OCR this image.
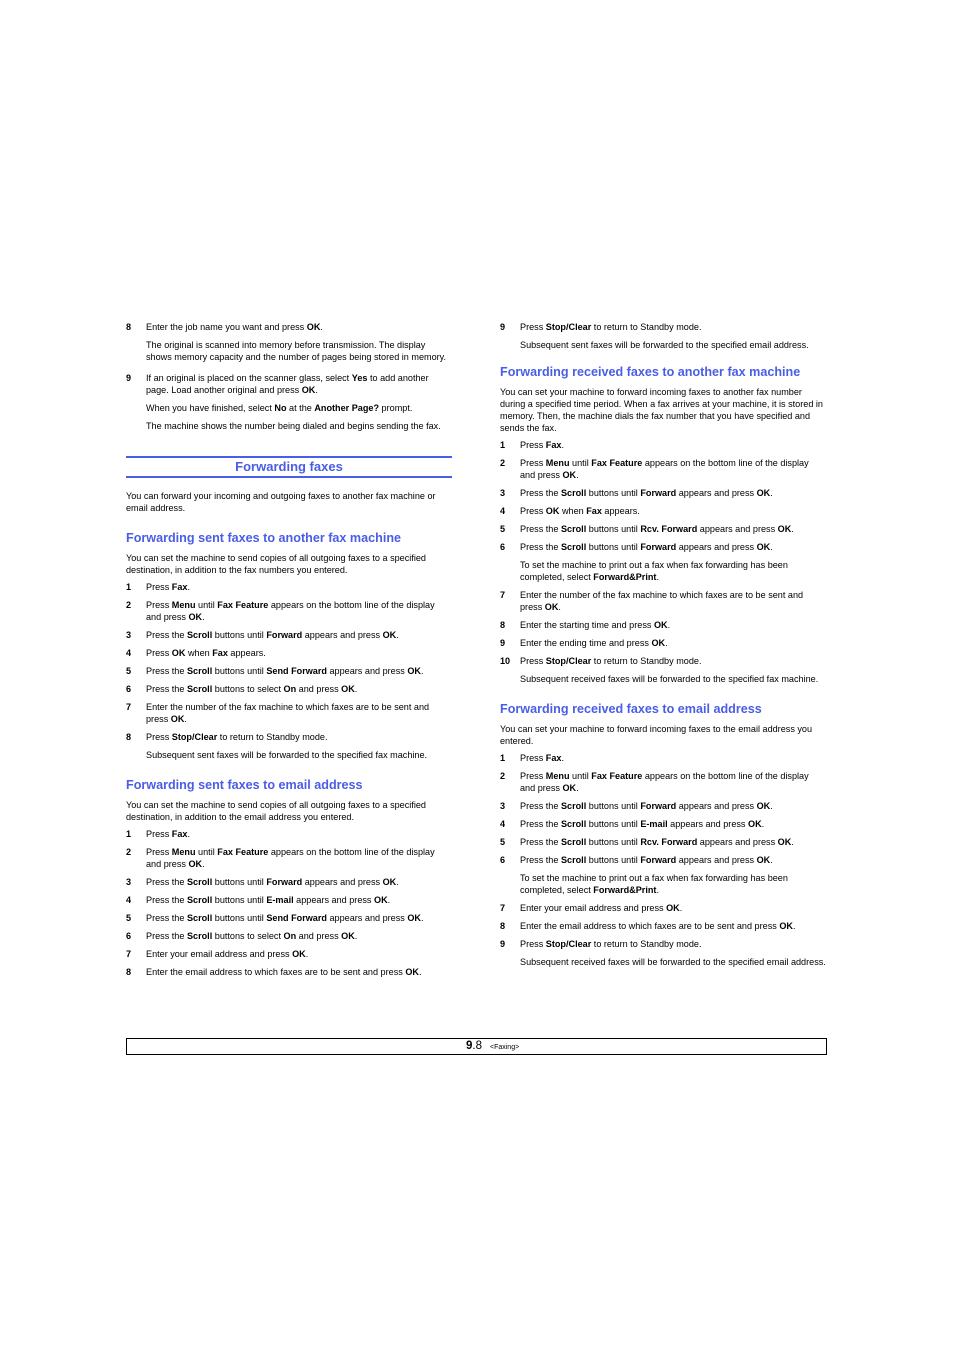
8 Enter the job name you want and press OK.
The original is scanned into memory before transmission. The display shows memory capacity and the number of pages being stored in memory.
9 If an original is placed on the scanner glass, select Yes to add another page. Load another original and press OK.
When you have finished, select No at the Another Page? prompt.
The machine shows the number being dialed and begins sending the fax.
Forwarding faxes
You can forward your incoming and outgoing faxes to another fax machine or email address.
Forwarding sent faxes to another fax machine
You can set the machine to send copies of all outgoing faxes to a specified destination, in addition to the fax numbers you entered.
1 Press Fax.
2 Press Menu until Fax Feature appears on the bottom line of the display and press OK.
3 Press the Scroll buttons until Forward appears and press OK.
4 Press OK when Fax appears.
5 Press the Scroll buttons until Send Forward appears and press OK.
6 Press the Scroll buttons to select On and press OK.
7 Enter the number of the fax machine to which faxes are to be sent and press OK.
8 Press Stop/Clear to return to Standby mode.
Subsequent sent faxes will be forwarded to the specified fax machine.
Forwarding sent faxes to email address
You can set the machine to send copies of all outgoing faxes to a specified destination, in addition to the email address you entered.
1 Press Fax.
2 Press Menu until Fax Feature appears on the bottom line of the display and press OK.
3 Press the Scroll buttons until Forward appears and press OK.
4 Press the Scroll buttons until E-mail appears and press OK.
5 Press the Scroll buttons until Send Forward appears and press OK.
6 Press the Scroll buttons to select On and press OK.
7 Enter your email address and press OK.
8 Enter the email address to which faxes are to be sent and press OK.
9 Press Stop/Clear to return to Standby mode.
Subsequent sent faxes will be forwarded to the specified email address.
Forwarding received faxes to another fax machine
You can set your machine to forward incoming faxes to another fax number during a specified time period. When a fax arrives at your machine, it is stored in memory. Then, the machine dials the fax number that you have specified and sends the fax.
1 Press Fax.
2 Press Menu until Fax Feature appears on the bottom line of the display and press OK.
3 Press the Scroll buttons until Forward appears and press OK.
4 Press OK when Fax appears.
5 Press the Scroll buttons until Rcv. Forward appears and press OK.
6 Press the Scroll buttons until Forward appears and press OK.
To set the machine to print out a fax when fax forwarding has been completed, select Forward&Print.
7 Enter the number of the fax machine to which faxes are to be sent and press OK.
8 Enter the starting time and press OK.
9 Enter the ending time and press OK.
10 Press Stop/Clear to return to Standby mode.
Subsequent received faxes will be forwarded to the specified fax machine.
Forwarding received faxes to email address
You can set your machine to forward incoming faxes to the email address you entered.
1 Press Fax.
2 Press Menu until Fax Feature appears on the bottom line of the display and press OK.
3 Press the Scroll buttons until Forward appears and press OK.
4 Press the Scroll buttons until E-mail appears and press OK.
5 Press the Scroll buttons until Rcv. Forward appears and press OK.
6 Press the Scroll buttons until Forward appears and press OK.
To set the machine to print out a fax when fax forwarding has been completed, select Forward&Print.
7 Enter your email address and press OK.
8 Enter the email address to which faxes are to be sent and press OK.
9 Press Stop/Clear to return to Standby mode.
Subsequent received faxes will be forwarded to the specified email address.
9.8 <Faxing>
